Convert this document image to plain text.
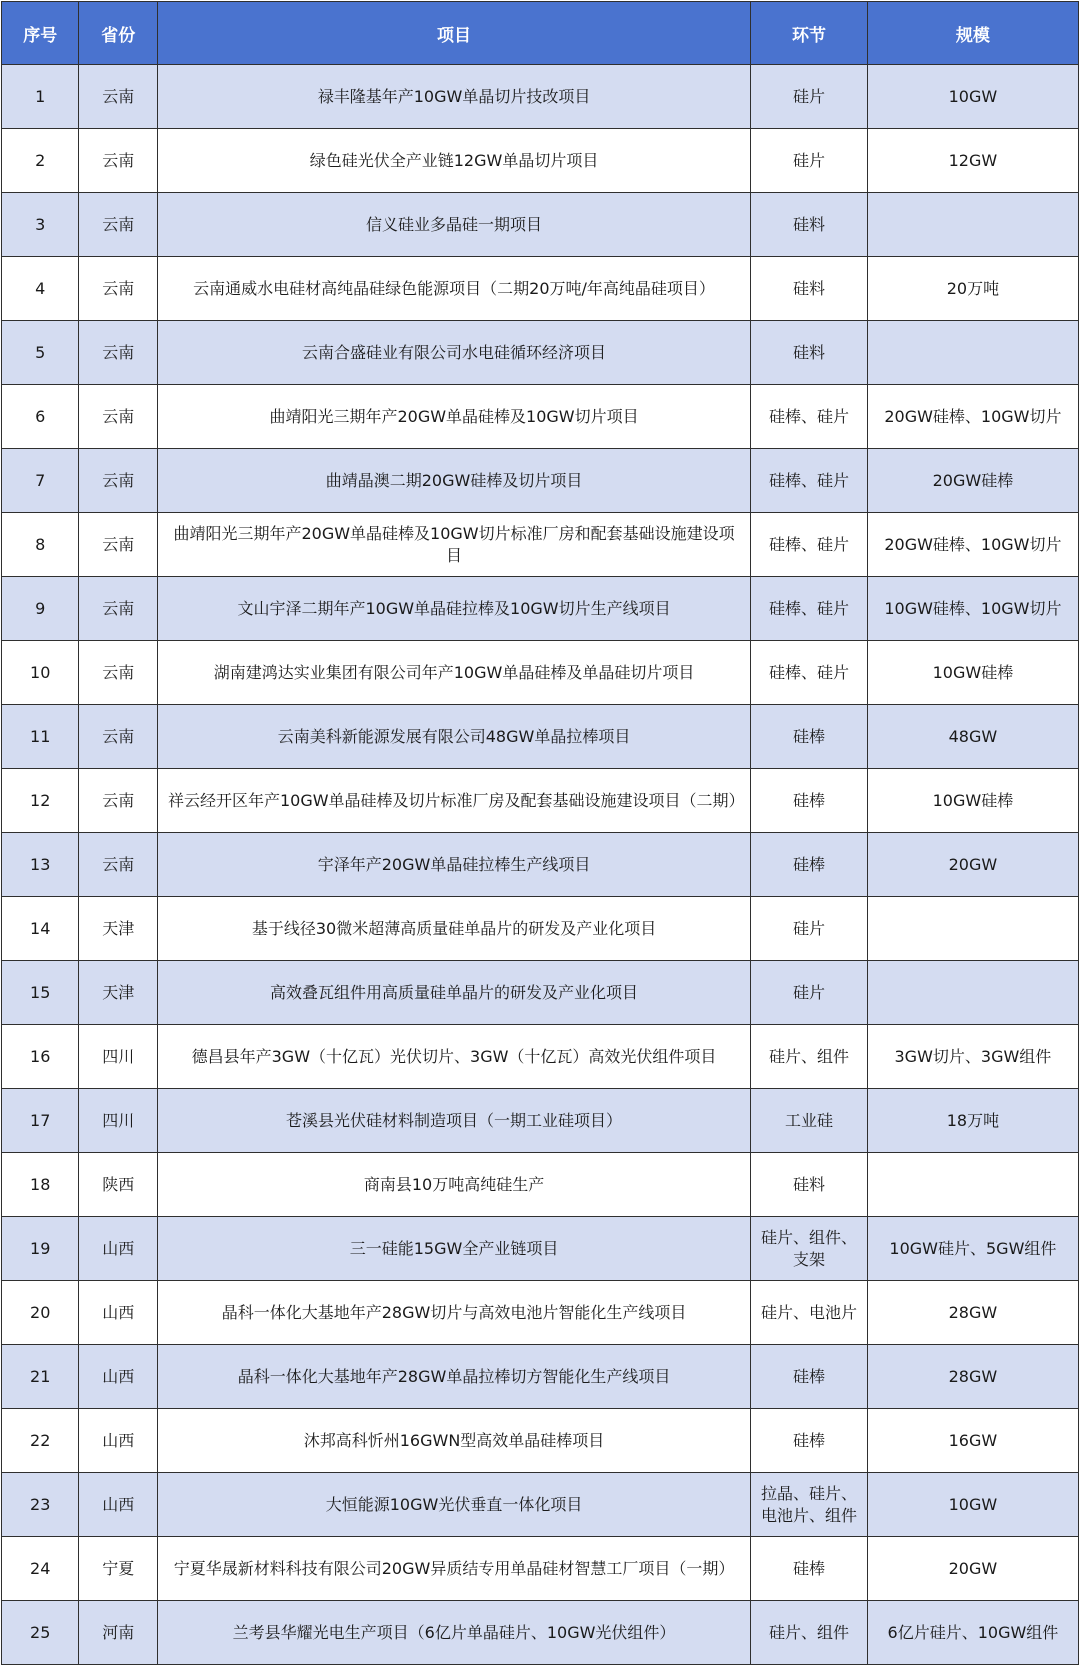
序号	省份	项目	环节	规模
1	云南	禄丰隆基年产10GW单晶切片技改项目	硅片	10GW
2	云南	绿色硅光伏全产业链12GW单晶切片项目	硅片	12GW
3	云南	信义硅业多晶硅一期项目	硅料	
4	云南	云南通威水电硅材高纯晶硅绿色能源项目（二期20万吨/年高纯晶硅项目）	硅料	20万吨
5	云南	云南合盛硅业有限公司水电硅循环经济项目	硅料	
6	云南	曲靖阳光三期年产20GW单晶硅棒及10GW切片项目	硅棒、硅片	20GW硅棒、10GW切片
7	云南	曲靖晶澳二期20GW硅棒及切片项目	硅棒、硅片	20GW硅棒
8	云南	曲靖阳光三期年产20GW单晶硅棒及10GW切片标准厂房和配套基础设施建设项目	硅棒、硅片	20GW硅棒、10GW切片
9	云南	文山宇泽二期年产10GW单晶硅拉棒及10GW切片生产线项目	硅棒、硅片	10GW硅棒、10GW切片
10	云南	湖南建鸿达实业集团有限公司年产10GW单晶硅棒及单晶硅切片项目	硅棒、硅片	10GW硅棒
11	云南	云南美科新能源发展有限公司48GW单晶拉棒项目	硅棒	48GW
12	云南	祥云经开区年产10GW单晶硅棒及切片标准厂房及配套基础设施建设项目（二期）	硅棒	10GW硅棒
13	云南	宇泽年产20GW单晶硅拉棒生产线项目	硅棒	20GW
14	天津	基于线径30微米超薄高质量硅单晶片的研发及产业化项目	硅片	
15	天津	高效叠瓦组件用高质量硅单晶片的研发及产业化项目	硅片	
16	四川	德昌县年产3GW（十亿瓦）光伏切片、3GW（十亿瓦）高效光伏组件项目	硅片、组件	3GW切片、3GW组件
17	四川	苍溪县光伏硅材料制造项目（一期工业硅项目）	工业硅	18万吨
18	陕西	商南县10万吨高纯硅生产	硅料	
19	山西	三一硅能15GW全产业链项目	硅片、组件、支架	10GW硅片、5GW组件
20	山西	晶科一体化大基地年产28GW切片与高效电池片智能化生产线项目	硅片、电池片	28GW
21	山西	晶科一体化大基地年产28GW单晶拉棒切方智能化生产线项目	硅棒	28GW
22	山西	沐邦高科忻州16GWN型高效单晶硅棒项目	硅棒	16GW
23	山西	大恒能源10GW光伏垂直一体化项目	拉晶、硅片、电池片、组件	10GW
24	宁夏	宁夏华晟新材料科技有限公司20GW异质结专用单晶硅材智慧工厂项目（一期）	硅棒	20GW
25	河南	兰考县华耀光电生产项目（6亿片单晶硅片、10GW光伏组件）	硅片、组件	6亿片硅片、10GW组件
